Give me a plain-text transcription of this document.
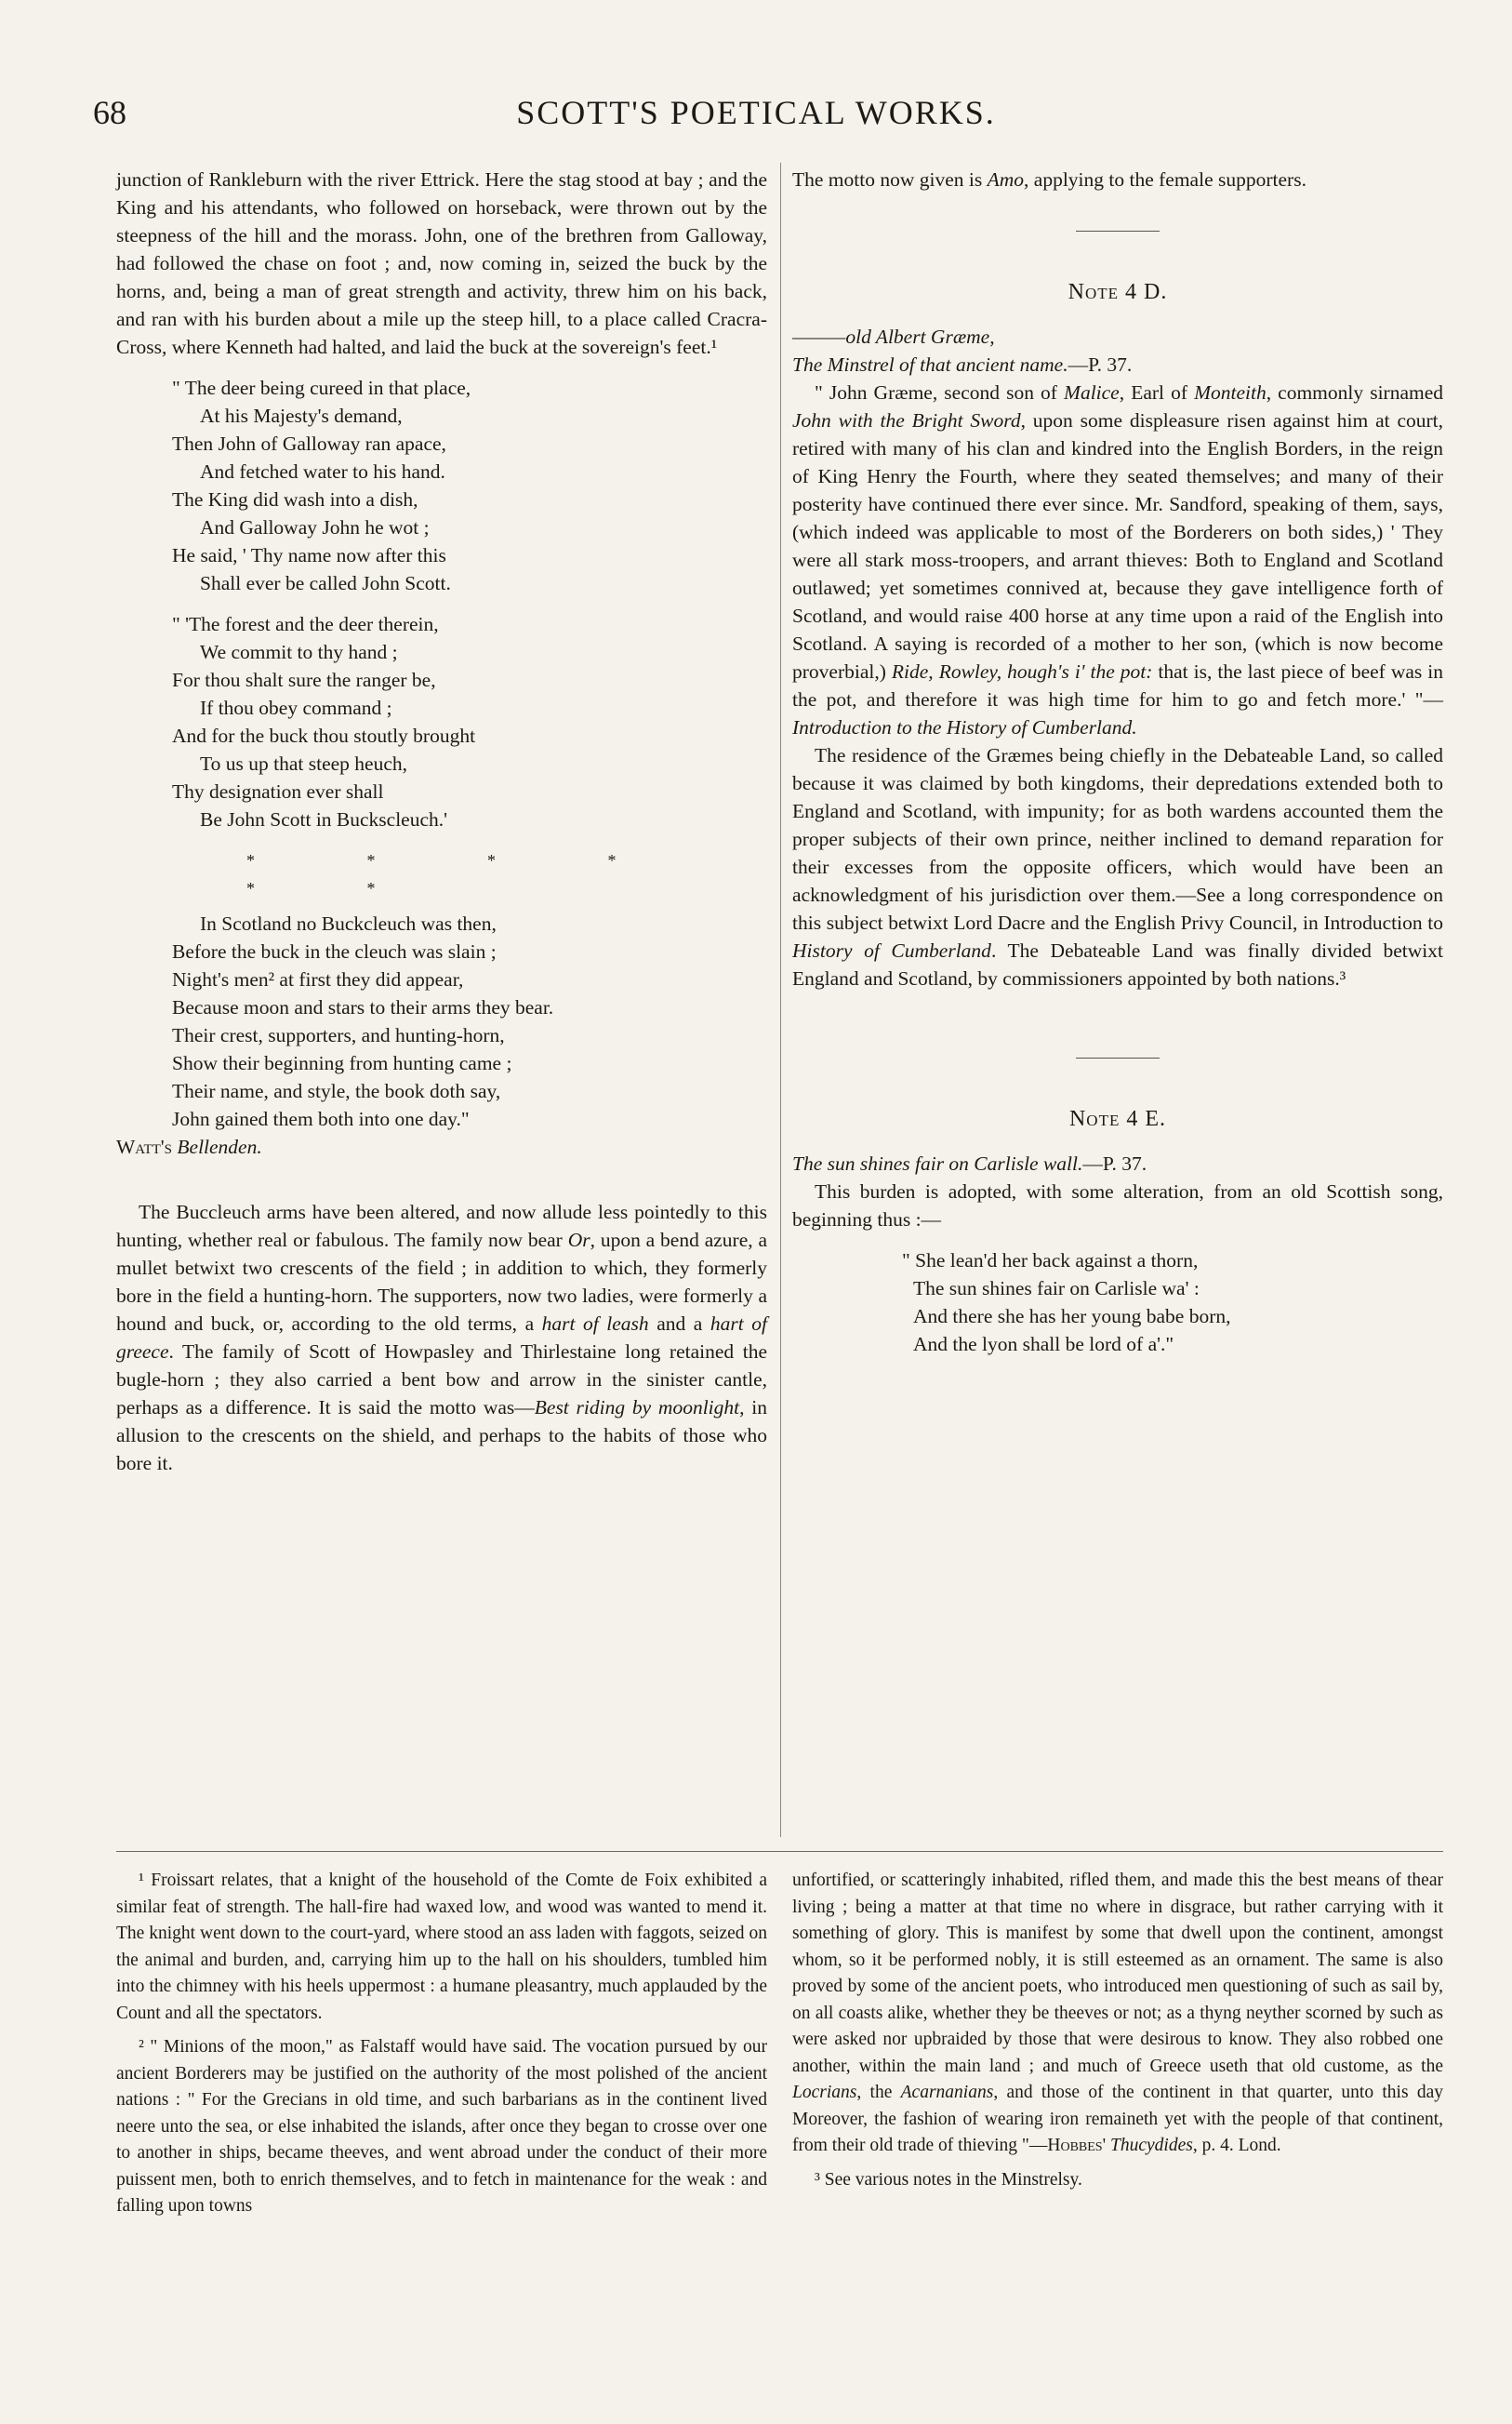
68	SCOTT'S POETICAL WORKS.

junction of Rankleburn with the river Ettrick. Here the stag stood at bay ; and the King and his attendants, who followed on horseback, were thrown out by the steepness of the hill and the morass. John, one of the brethren from Galloway, had followed the chase on foot ; and, now coming in, seized the buck by the horns, and, being a man of great strength and activity, threw him on his back, and ran with his burden about a mile up the steep hill, to a place called Cracra-Cross, where Kenneth had halted, and laid the buck at the sovereign's feet.¹

" The deer being cureed in that place,
At his Majesty's demand,
Then John of Galloway ran apace,
And fetched water to his hand.
The King did wash into a dish,
And Galloway John he wot ;
He said, ' Thy name now after this
Shall ever be called John Scott.
" 'The forest and the deer therein,
We commit to thy hand ;
For thou shalt sure the ranger be,
If thou obey command ;
And for the buck thou stoutly brought
To us up that steep heuch,
Thy designation ever shall
Be John Scott in Buckscleuch.'
* * * * * *
In Scotland no Buckcleuch was then,
Before the buck in the cleuch was slain ;
Night's men² at first they did appear,
Because moon and stars to their arms they bear.
Their crest, supporters, and hunting-horn,
Show their beginning from hunting came ;
Their name, and style, the book doth say,
John gained them both into one day."

Watt's Bellenden.

The Buccleuch arms have been altered, and now allude less pointedly to this hunting, whether real or fabulous. The family now bear Or, upon a bend azure, a mullet betwixt two crescents of the field ; in addition to which, they formerly bore in the field a hunting-horn. The supporters, now two ladies, were formerly a hound and buck, or, according to the old terms, a hart of leash and a hart of greece. The family of Scott of Howpasley and Thirlestaine long retained the bugle-horn ; they also carried a bent bow and arrow in the sinister cantle, perhaps as a difference. It is said the motto was—Best riding by moonlight, in allusion to the crescents on the shield, and perhaps to the habits of those who bore it.

The motto now given is Amo, applying to the female supporters.

Note 4 D.

———old Albert Græme,

The Minstrel of that ancient name.—P. 37.

" John Græme, second son of Malice, Earl of Monteith, commonly sirnamed John with the Bright Sword, upon some displeasure risen against him at court, retired with many of his clan and kindred into the English Borders, in the reign of King Henry the Fourth, where they seated themselves; and many of their posterity have continued there ever since. Mr. Sandford, speaking of them, says, (which indeed was applicable to most of the Borderers on both sides,) ' They were all stark moss-troopers, and arrant thieves: Both to England and Scotland outlawed; yet sometimes connived at, because they gave intelligence forth of Scotland, and would raise 400 horse at any time upon a raid of the English into Scotland. A saying is recorded of a mother to her son, (which is now become proverbial,) Ride, Rowley, hough's i' the pot: that is, the last piece of beef was in the pot, and therefore it was high time for him to go and fetch more.' "—Introduction to the History of Cumberland.

The residence of the Græmes being chiefly in the Debateable Land, so called because it was claimed by both kingdoms, their depredations extended both to England and Scotland, with impunity; for as both wardens accounted them the proper subjects of their own prince, neither inclined to demand reparation for their excesses from the opposite officers, which would have been an acknowledgment of his jurisdiction over them.—See a long correspondence on this subject betwixt Lord Dacre and the English Privy Council, in Introduction to History of Cumberland. The Debateable Land was finally divided betwixt England and Scotland, by commissioners appointed by both nations.³

Note 4 E.

The sun shines fair on Carlisle wall.—P. 37.

This burden is adopted, with some alteration, from an old Scottish song, beginning thus :—

" She lean'd her back against a thorn,
The sun shines fair on Carlisle wa' :
And there she has her young babe born,
And the lyon shall be lord of a'."

¹ Froissart relates, that a knight of the household of the Comte de Foix exhibited a similar feat of strength. The hall-fire had waxed low, and wood was wanted to mend it. The knight went down to the court-yard, where stood an ass laden with faggots, seized on the animal and burden, and, carrying him up to the hall on his shoulders, tumbled him into the chimney with his heels uppermost : a humane pleasantry, much applauded by the Count and all the spectators.

² " Minions of the moon," as Falstaff would have said. The vocation pursued by our ancient Borderers may be justified on the authority of the most polished of the ancient nations : " For the Grecians in old time, and such barbarians as in the continent lived neere unto the sea, or else inhabited the islands, after once they began to crosse over one to another in ships, became theeves, and went abroad under the conduct of their more puissent men, both to enrich themselves, and to fetch in maintenance for the weak : and falling upon towns

unfortified, or scatteringly inhabited, rifled them, and made this the best means of thear living ; being a matter at that time no where in disgrace, but rather carrying with it something of glory. This is manifest by some that dwell upon the continent, amongst whom, so it be performed nobly, it is still esteemed as an ornament. The same is also proved by some of the ancient poets, who introduced men questioning of such as sail by, on all coasts alike, whether they be theeves or not; as a thyng neyther scorned by such as were asked nor upbraided by those that were desirous to know. They also robbed one another, within the main land ; and much of Greece useth that old custome, as the Locrians, the Acarnanians, and those of the continent in that quarter, unto this day Moreover, the fashion of wearing iron remaineth yet with the people of that continent, from their old trade of thieving "—Hobbes' Thucydides, p. 4. Lond.

³ See various notes in the Minstrelsy.
